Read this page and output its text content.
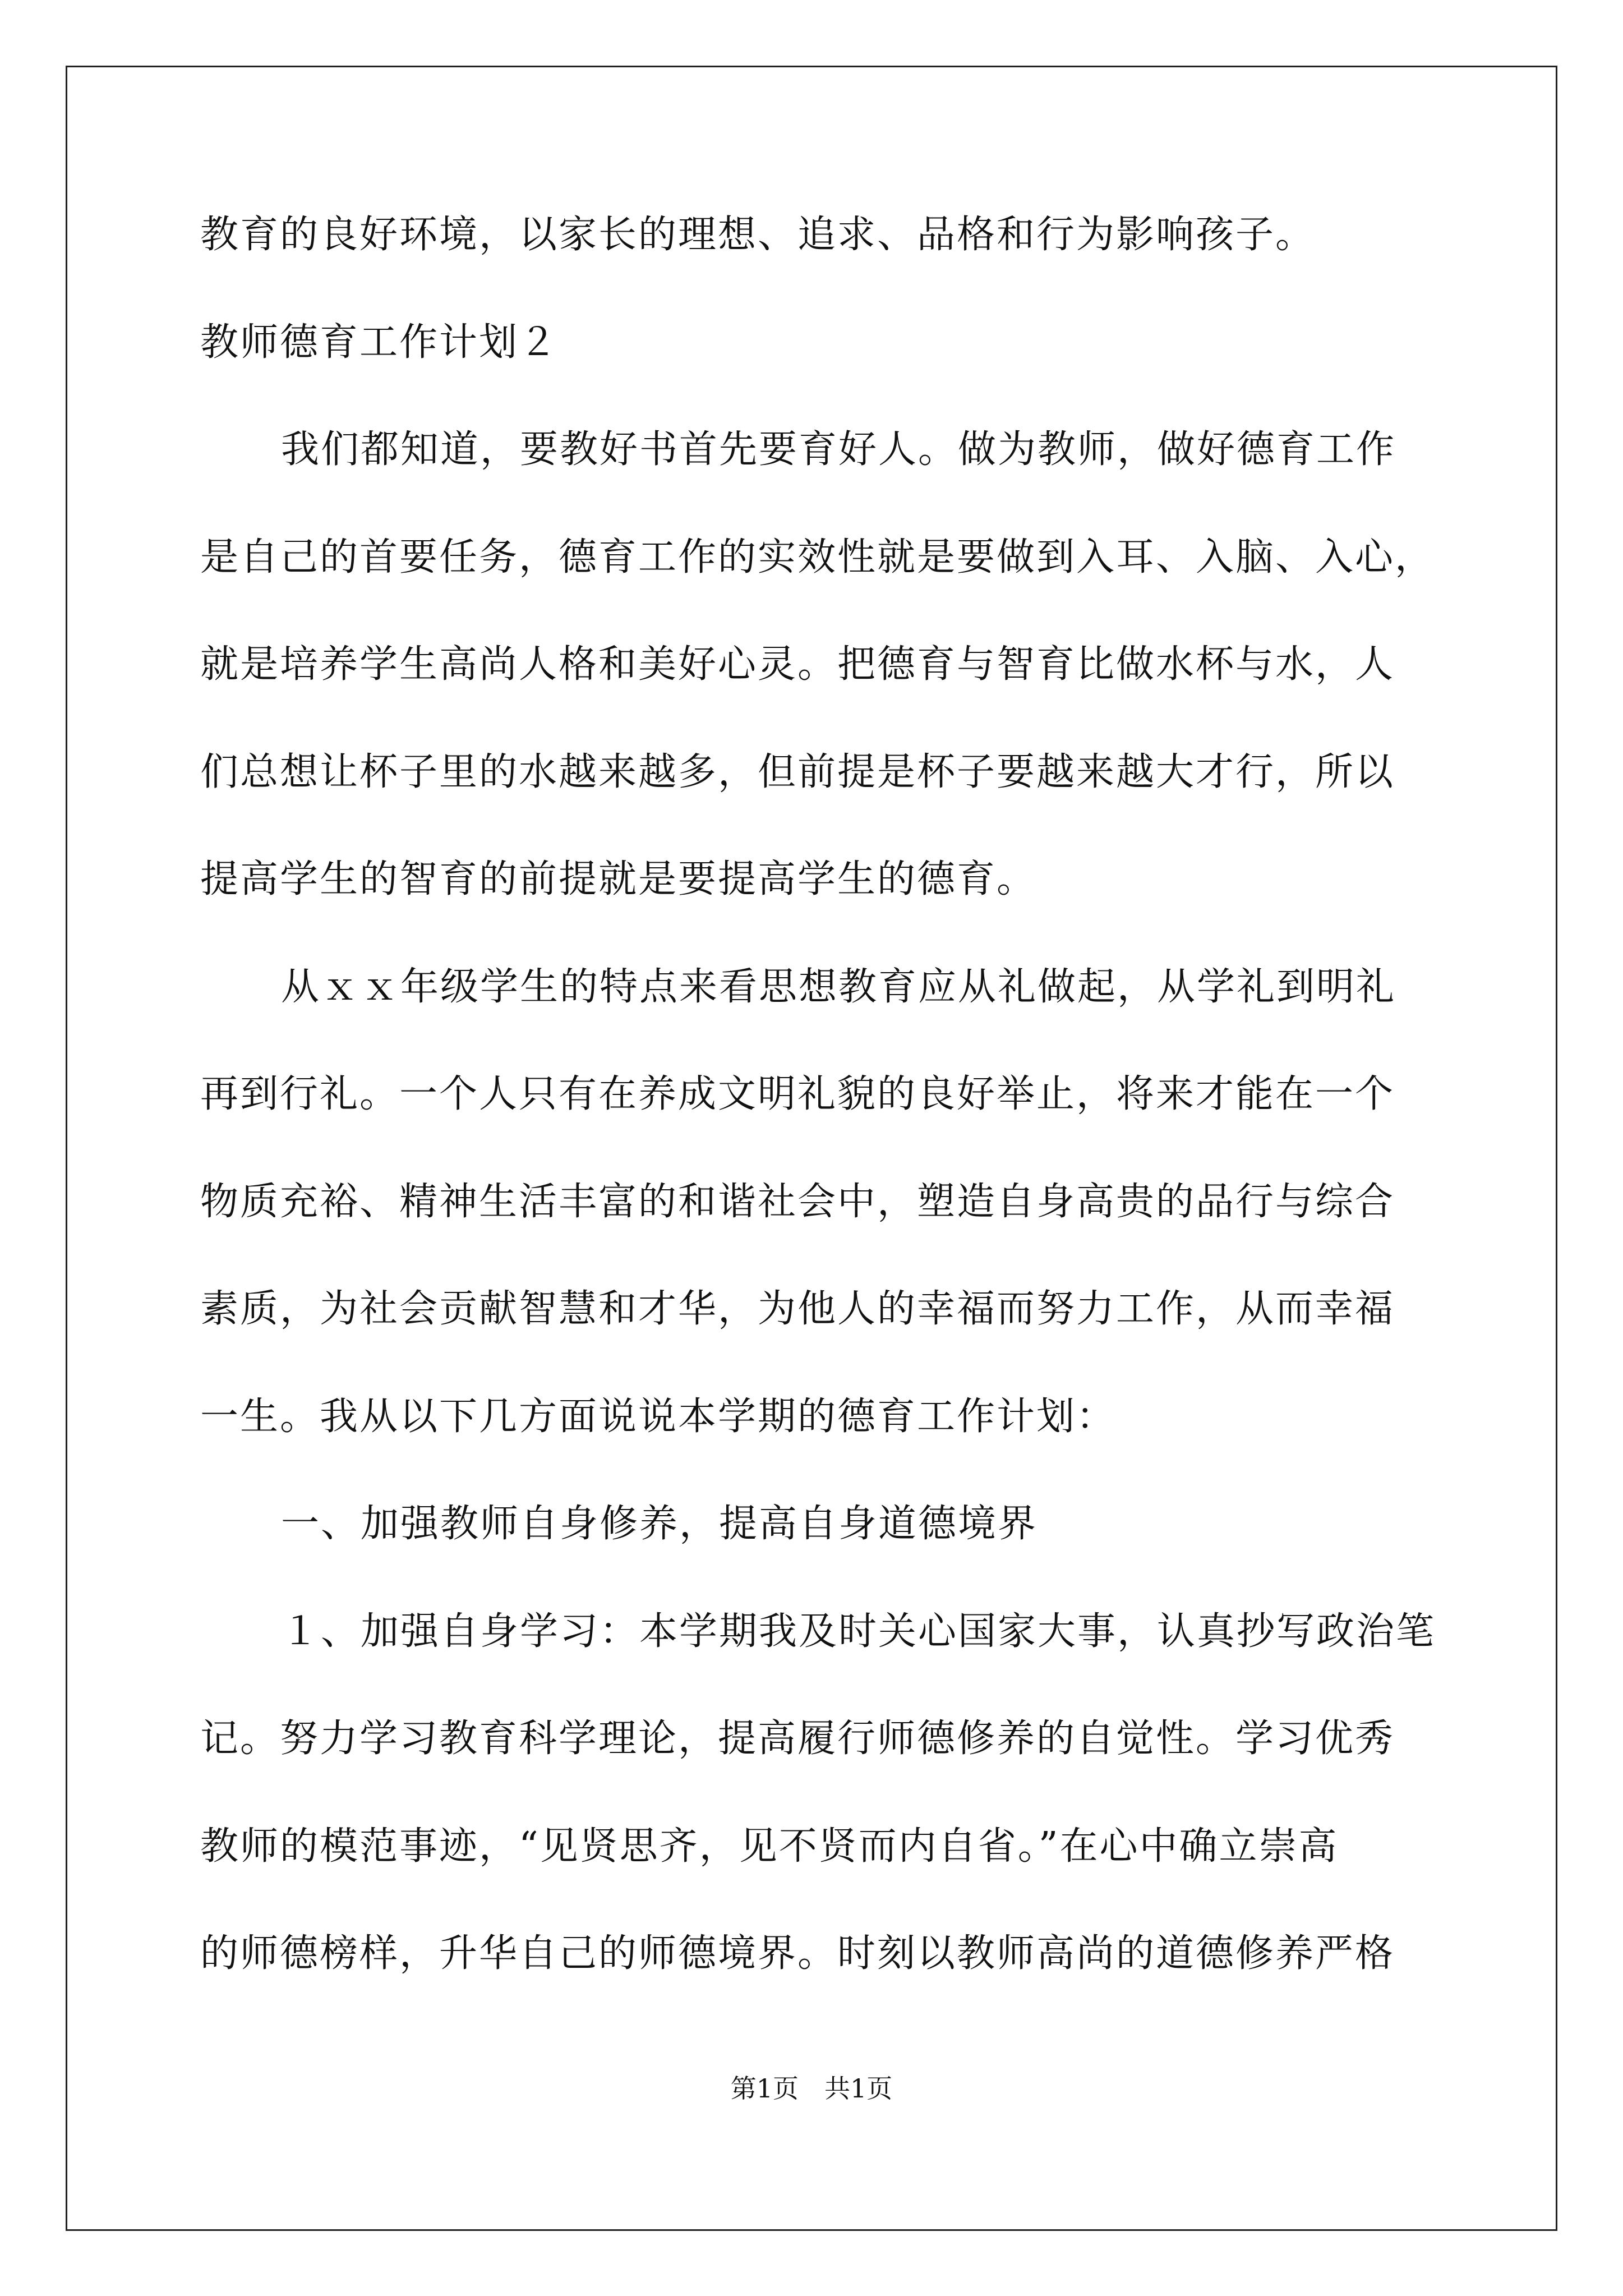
教育的良好环境，以家长的理想、追求、品格和行为影响孩子。
教师德育工作计划２
我们都知道，要教好书首先要育好人。做为教师，做好德育工作
是自己的首要任务，德育工作的实效性就是要做到入耳、入脑、入心，
就是培养学生高尚人格和美好心灵。把德育与智育比做水杯与水，人
们总想让杯子里的水越来越多，但前提是杯子要越来越大才行，所以
提高学生的智育的前提就是要提高学生的德育。
从ｘｘ年级学生的特点来看思想教育应从礼做起，从学礼到明礼
再到行礼。一个人只有在养成文明礼貌的良好举止，将来才能在一个
物质充裕、精神生活丰富的和谐社会中，塑造自身高贵的品行与综合
素质，为社会贡献智慧和才华，为他人的幸福而努力工作，从而幸福
一生。我从以下几方面说说本学期的德育工作计划：
一、加强教师自身修养，提高自身道德境界
１、加强自身学习：本学期我及时关心国家大事，认真抄写政治笔
记。努力学习教育科学理论，提高履行师德修养的自觉性。学习优秀
教师的模范事迹，“见贤思齐，见不贤而内自省。”在心中确立崇高
的师德榜样，升华自己的师德境界。时刻以教师高尚的道德修养严格
第1页　共1页
